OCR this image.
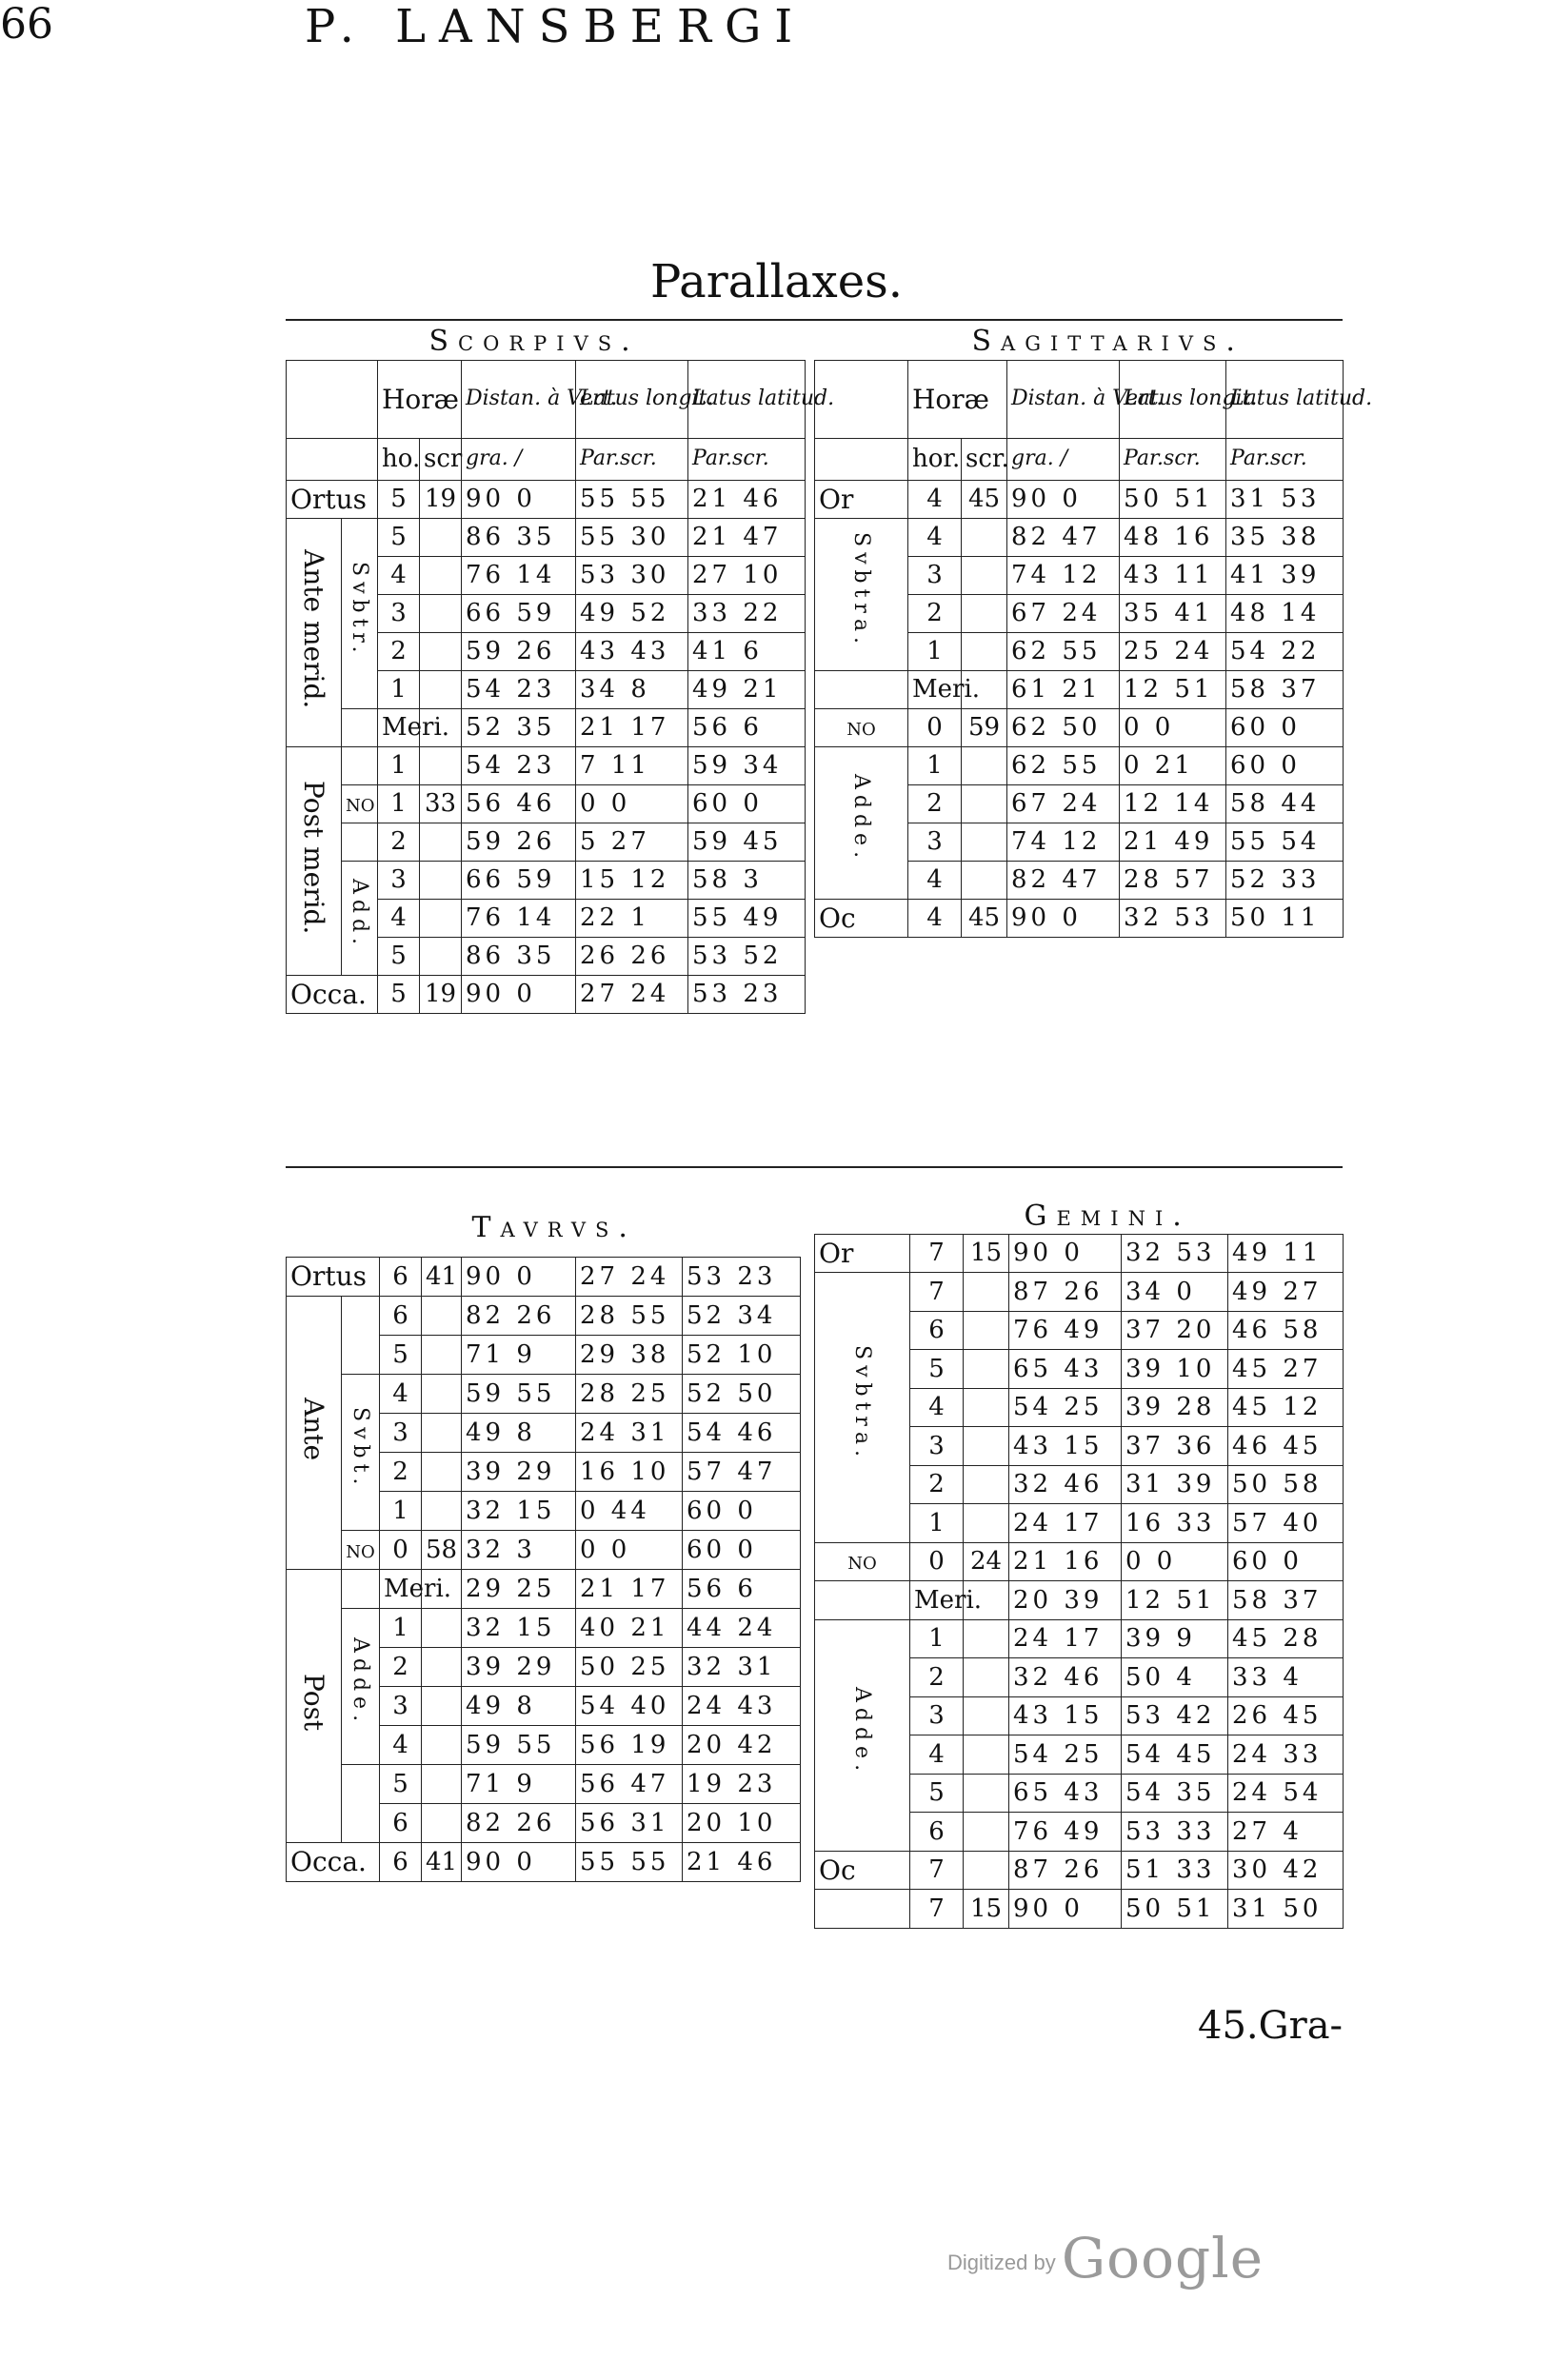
66	P. LANSBERGI
Parallaxes.
Scorpivs.						
		Horæ		Distan. à Vert.	Latus longit.	Latus latitud.
		ho.	scr	gra. /	Par.scr.	Par.scr.
Ortus		5	19	90 0	55 55	21 46
Ante merid.	Svbtr.	5		86 35	55 30	21 47
		4		76 14	53 30	27 10
		3		66 59	49 52	33 22
		2		59 26	43 43	41 6
		1		54 23	34 8	49 21
		Meri.		52 35	21 17	56 6
Post merid.		1		54 23	7 11	59 34
	NO	1	33	56 46	0 0	60 0
		2		59 26	5 27	59 45
	Add.	3		66 59	15 12	58 3
		4		76 14	22 1	55 49
		5		86 35	26 26	53 52
Occa.		5	19	90 0	27 24	53 23
Sagittarivs.					
	Horæ		Distan. à Vert.	Latus longit.	Latus latitud.
	hor.	scr.	gra. /	Par.scr.	Par.scr.
Or	4	45	90 0	50 51	31 53
Svbtra.	4		82 47	48 16	35 38
	3		74 12	43 11	41 39
	2		67 24	35 41	48 14
	1		62 55	25 24	54 22
	Meri.		61 21	12 51	58 37
NO	0	59	62 50	0 0	60 0
Adde.	1		62 55	0 21	60 0
	2		67 24	12 14	58 44
	3		74 12	21 49	55 54
	4		82 47	28 57	52 33
Oc	4	45	90 0	32 53	50 11
Tavrvs.						
Ortus		6	41	90 0	27 24	53 23
Ante		6		82 26	28 55	52 34
		5		71 9	29 38	52 10
	Svbt.	4		59 55	28 25	52 50
		3		49 8	24 31	54 46
		2		39 29	16 10	57 47
		1		32 15	0 44	60 0
	NO	0	58	32 3	0 0	60 0
Post		Meri.		29 25	21 17	56 6
	Adde.	1		32 15	40 21	44 24
		2		39 29	50 25	32 31
		3		49 8	54 40	24 43
		4		59 55	56 19	20 42
		5		71 9	56 47	19 23
		6		82 26	56 31	20 10
Occa.		6	41	90 0	55 55	21 46
Gemini.					
Or	7	15	90 0	32 53	49 11
Svbtra.	7		87 26	34 0	49 27
	6		76 49	37 20	46 58
	5		65 43	39 10	45 27
	4		54 25	39 28	45 12
	3		43 15	37 36	46 45
	2		32 46	31 39	50 58
	1		24 17	16 33	57 40
NO	0	24	21 16	0 0	60 0
	Meri.		20 39	12 51	58 37
Adde.	1		24 17	39 9	45 28
	2		32 46	50 4	33 4
	3		43 15	53 42	26 45
	4		54 25	54 45	24 33
	5		65 43	54 35	24 54
	6		76 49	53 33	27 4
Oc	7		87 26	51 33	30 42
	7	15	90 0	50 51	31 50
45.Gra-
Digitized by Google
